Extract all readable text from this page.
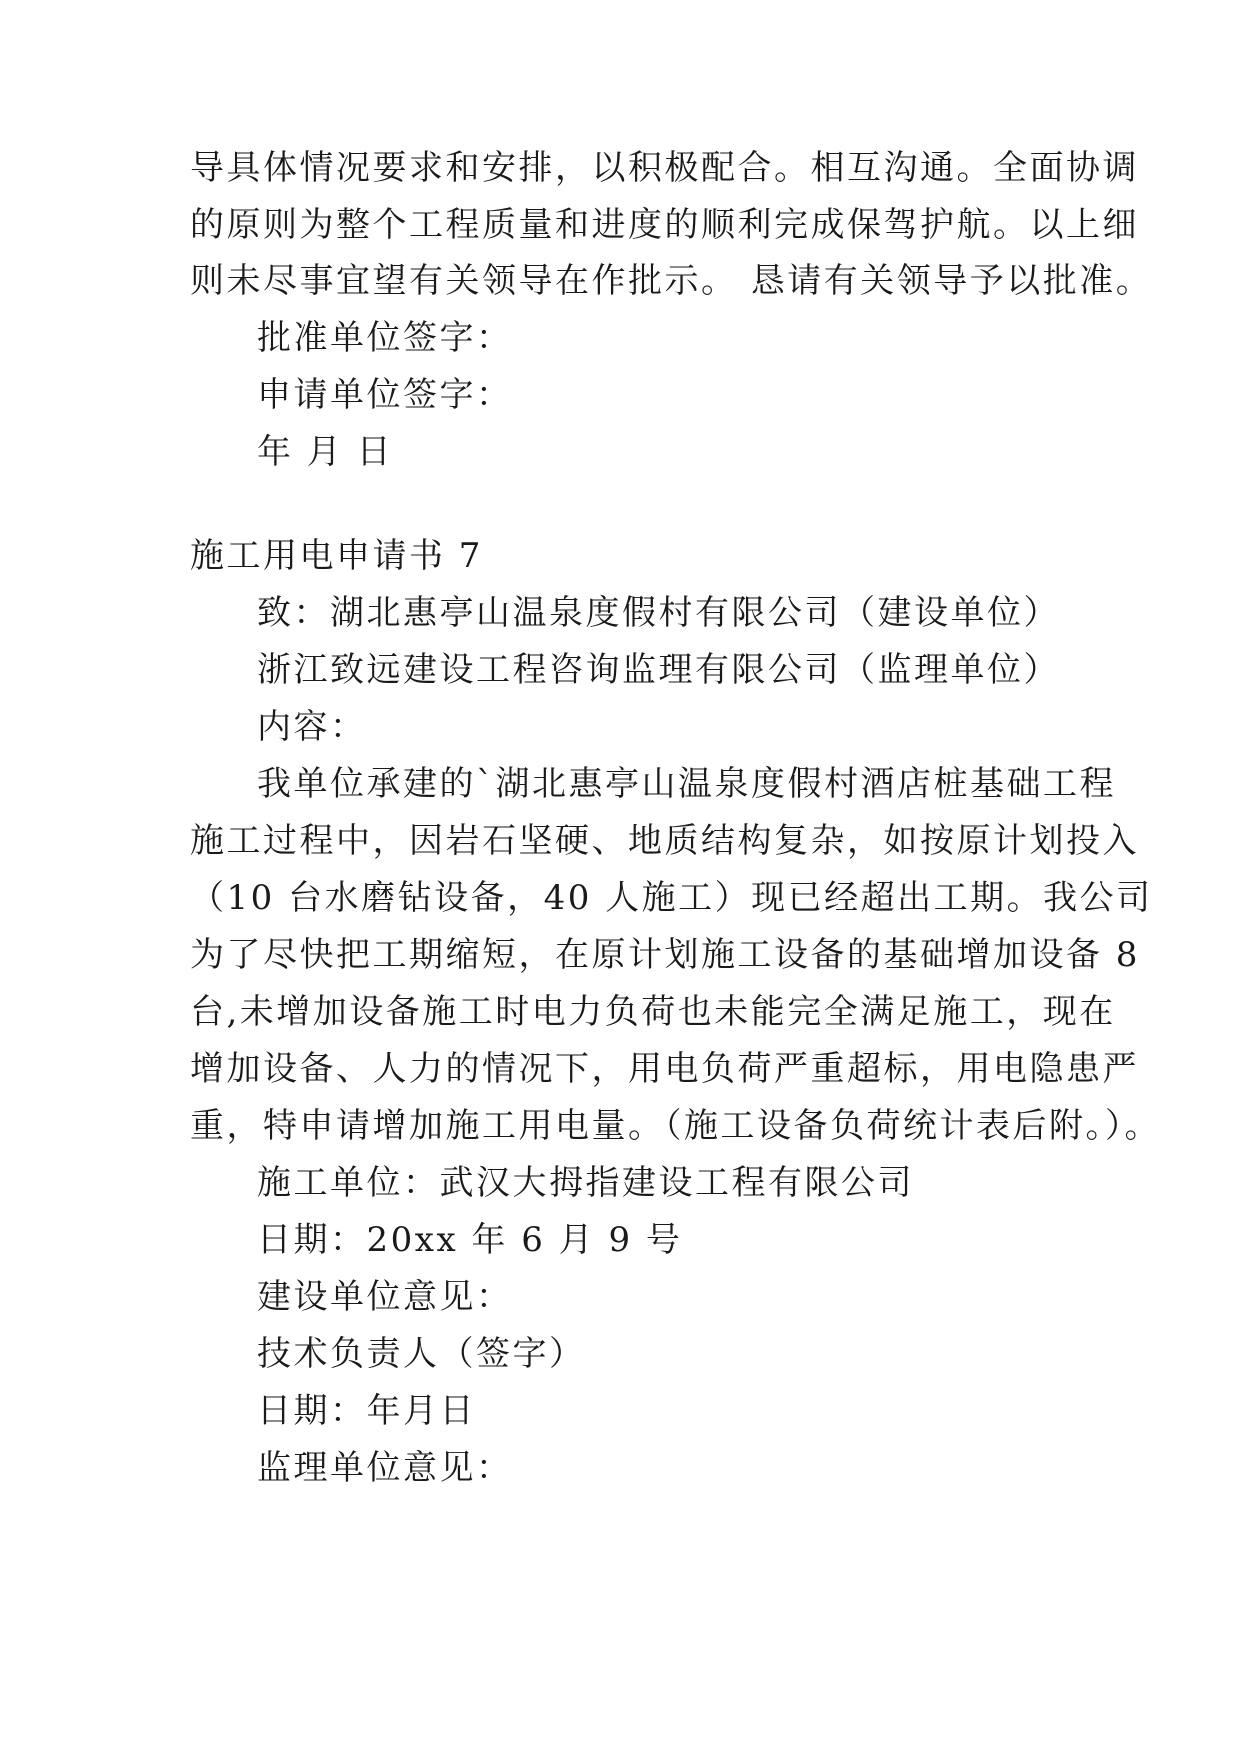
导具体情况要求和安排，以积极配合。相互沟通。全面协调
的原则为整个工程质量和进度的顺利完成保驾护航。以上细
则未尽事宜望有关领导在作批示。 恳请有关领导予以批准。
批准单位签字：
申请单位签字：
年 月 日
施工用电申请书 7
致：湖北惠亭山温泉度假村有限公司（建设单位）
浙江致远建设工程咨询监理有限公司（监理单位）
内容：
我单位承建的`湖北惠亭山温泉度假村酒店桩基础工程
施工过程中，因岩石坚硬、地质结构复杂，如按原计划投入
（10 台水磨钻设备，40 人施工）现已经超出工期。我公司
为了尽快把工期缩短，在原计划施工设备的基础增加设备 8
台,未增加设备施工时电力负荷也未能完全满足施工，现在
增加设备、人力的情况下，用电负荷严重超标，用电隐患严
重，特申请增加施工用电量。（施工设备负荷统计表后附。）。
施工单位：武汉大拇指建设工程有限公司
日期：20xx 年 6 月 9 号
建设单位意见：
技术负责人（签字）
日期：年月日
监理单位意见：
